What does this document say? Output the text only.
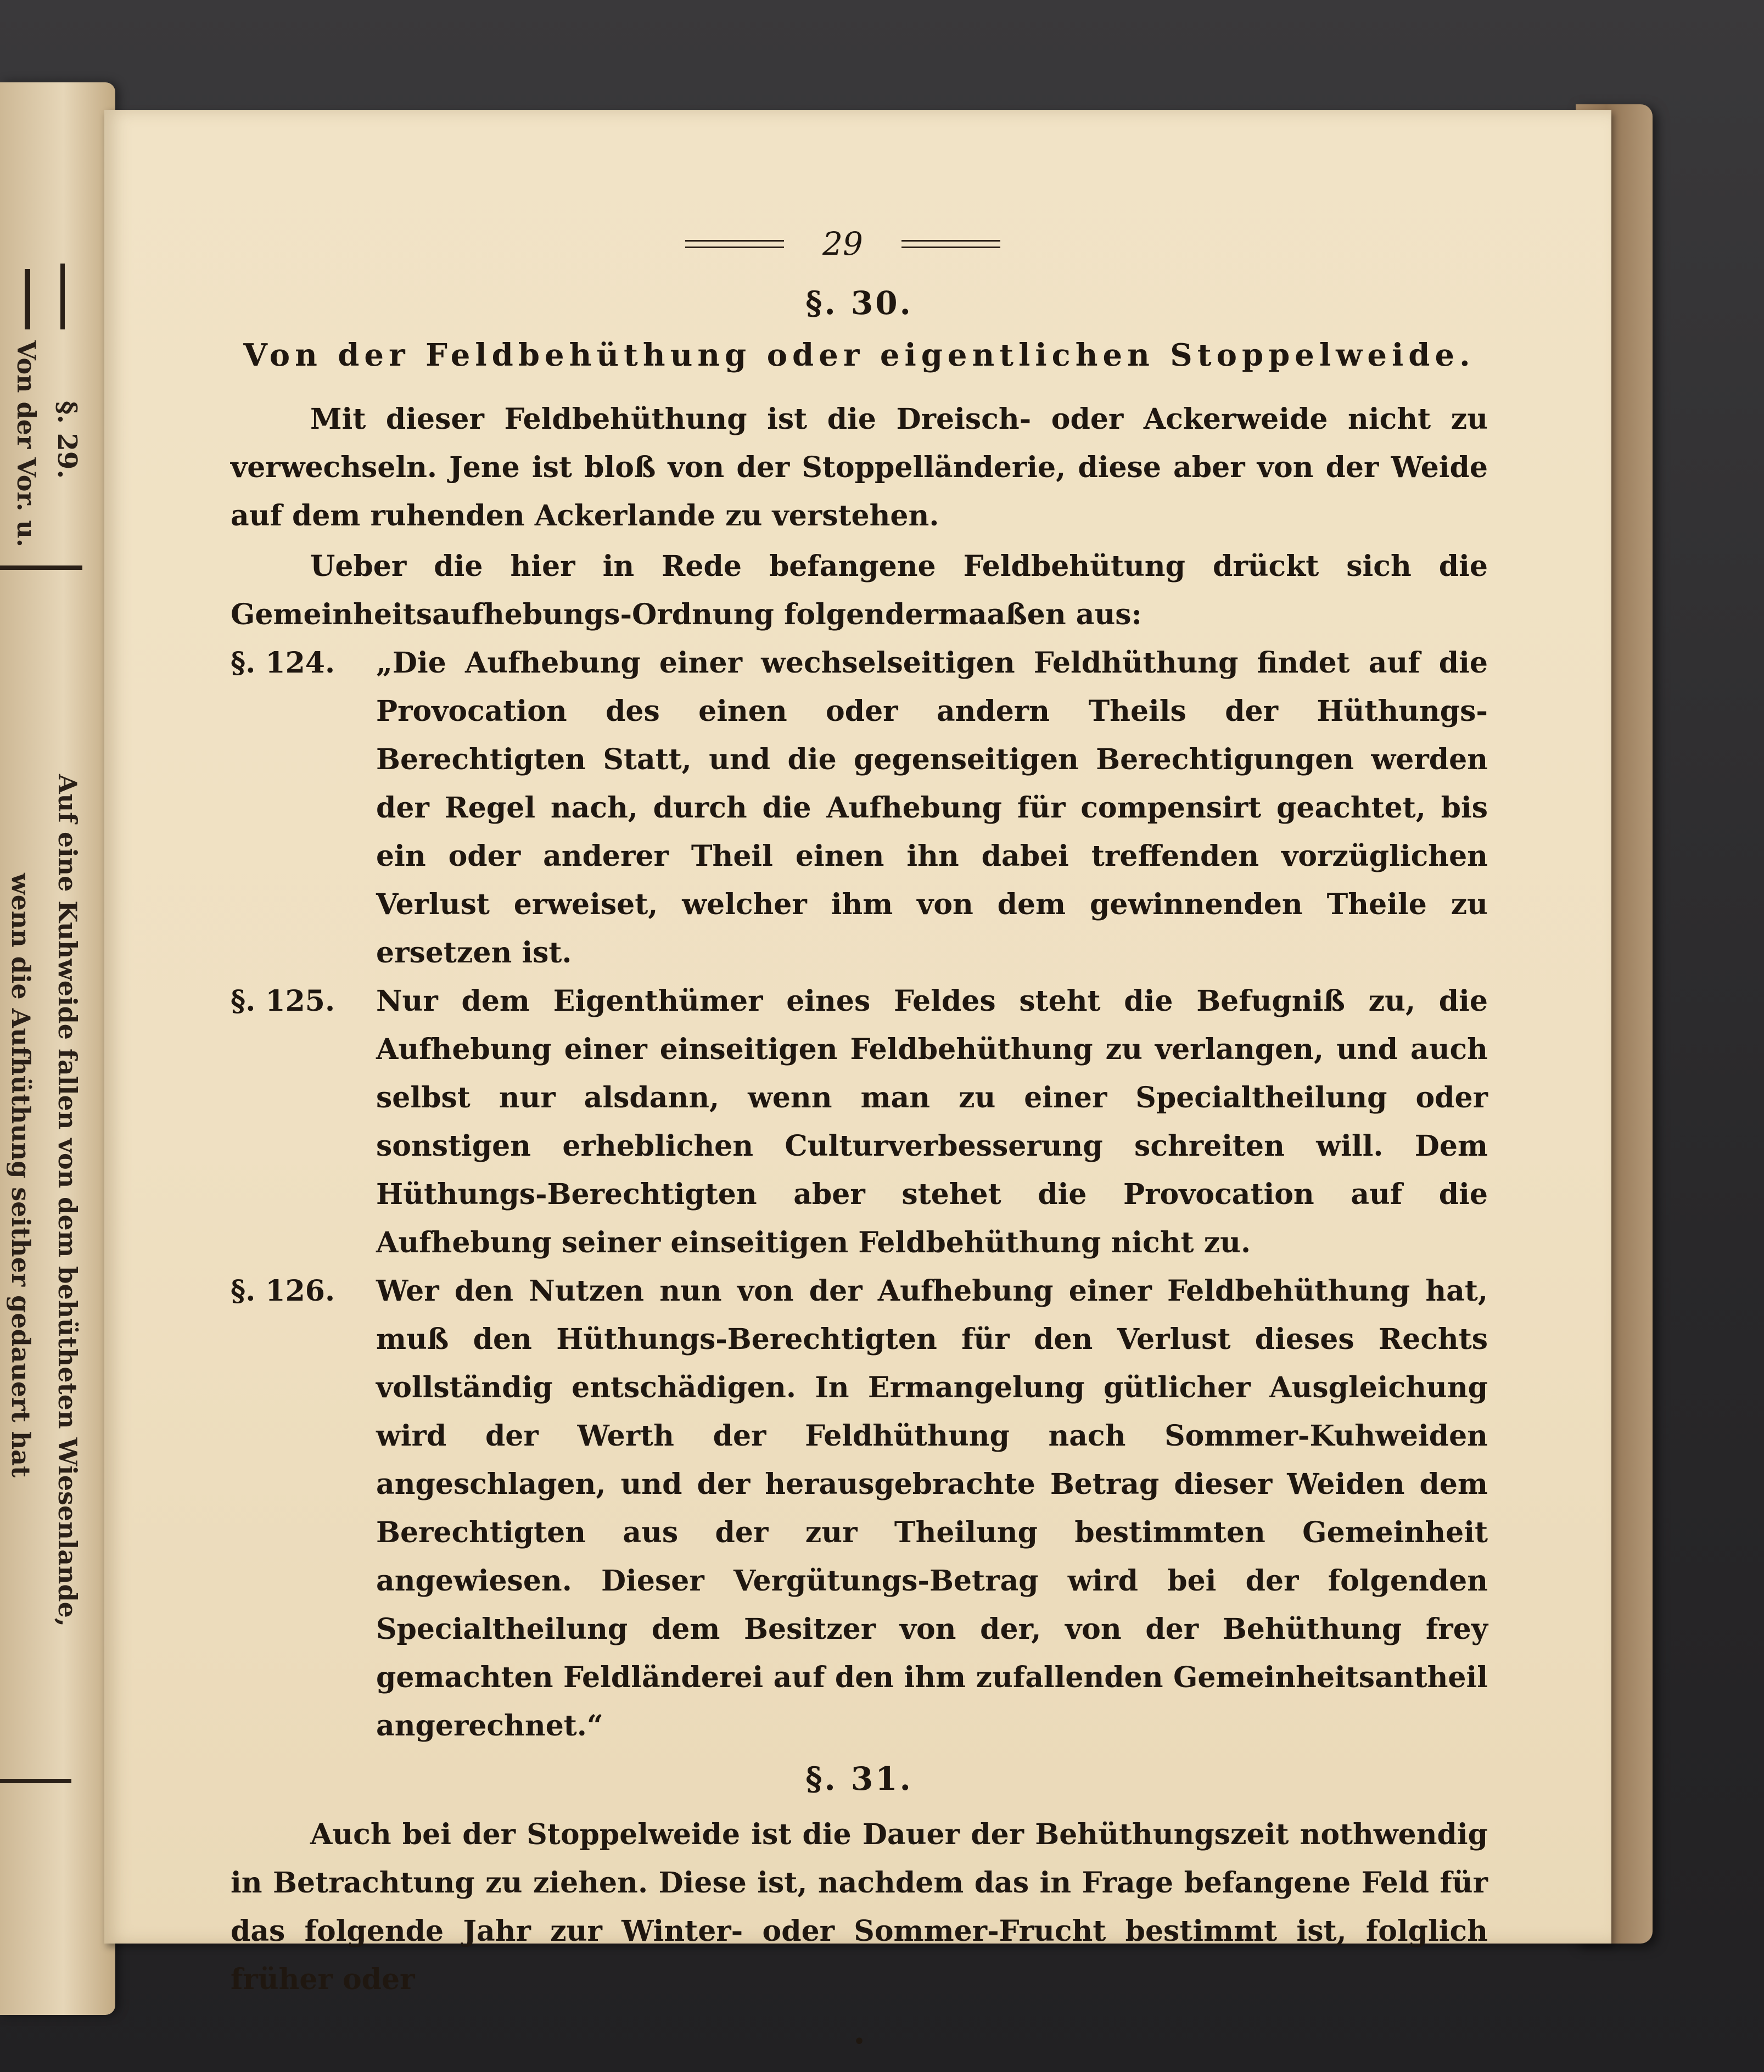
§. 29.
Von der Vor. u.
Auf eine Kuhweide fallen von dem behütheten Wiesenlande,
wenn die Aufhüthung seither gedauert hat
29
§. 30.
Von der Feldbehüthung oder eigentlichen Stoppelweide.

Mit dieser Feldbehüthung ist die Dreisch- oder Ackerweide nicht zu verwechseln. Jene ist bloß von der Stoppelländerie, diese aber von der Weide auf dem ruhenden Ackerlande zu verstehen.

Ueber die hier in Rede befangene Feldbehütung drückt sich die Gemeinheitsaufhebungs-Ordnung folgendermaaßen aus:

§. 124.	„Die Aufhebung einer wechselseitigen Feldhüthung findet auf die Provocation des einen oder andern Theils der Hüthungs-Berechtigten Statt, und die gegenseitigen Berechtigungen werden der Regel nach, durch die Aufhebung für compensirt geachtet, bis ein oder anderer Theil einen ihn dabei treffenden vorzüglichen Verlust erweiset, welcher ihm von dem gewinnenden Theile zu ersetzen ist.
§. 125.	Nur dem Eigenthümer eines Feldes steht die Befugniß zu, die Aufhebung einer einseitigen Feldbehüthung zu verlangen, und auch selbst nur alsdann, wenn man zu einer Specialtheilung oder sonstigen erheblichen Culturverbesserung schreiten will. Dem Hüthungs-Berechtigten aber stehet die Provocation auf die Aufhebung seiner einseitigen Feldbehüthung nicht zu.
§. 126.	Wer den Nutzen nun von der Aufhebung einer Feldbehüthung hat, muß den Hüthungs-Berechtigten für den Verlust dieses Rechts vollständig entschädigen. In Ermangelung gütlicher Ausgleichung wird der Werth der Feldhüthung nach Sommer-Kuhweiden angeschlagen, und der herausgebrachte Betrag dieser Weiden dem Berechtigten aus der zur Theilung bestimmten Gemeinheit angewiesen. Dieser Vergütungs-Betrag wird bei der folgenden Specialtheilung dem Besitzer von der, von der Behüthung frey gemachten Feldländerei auf den ihm zufallenden Gemeinheitsantheil angerechnet.“
§. 31.

Auch bei der Stoppelweide ist die Dauer der Behüthungszeit nothwendig in Betrachtung zu ziehen. Diese ist, nachdem das in Frage befangene Feld für das folgende Jahr zur Winter- oder Sommer-Frucht bestimmt ist, folglich früher oder

•
